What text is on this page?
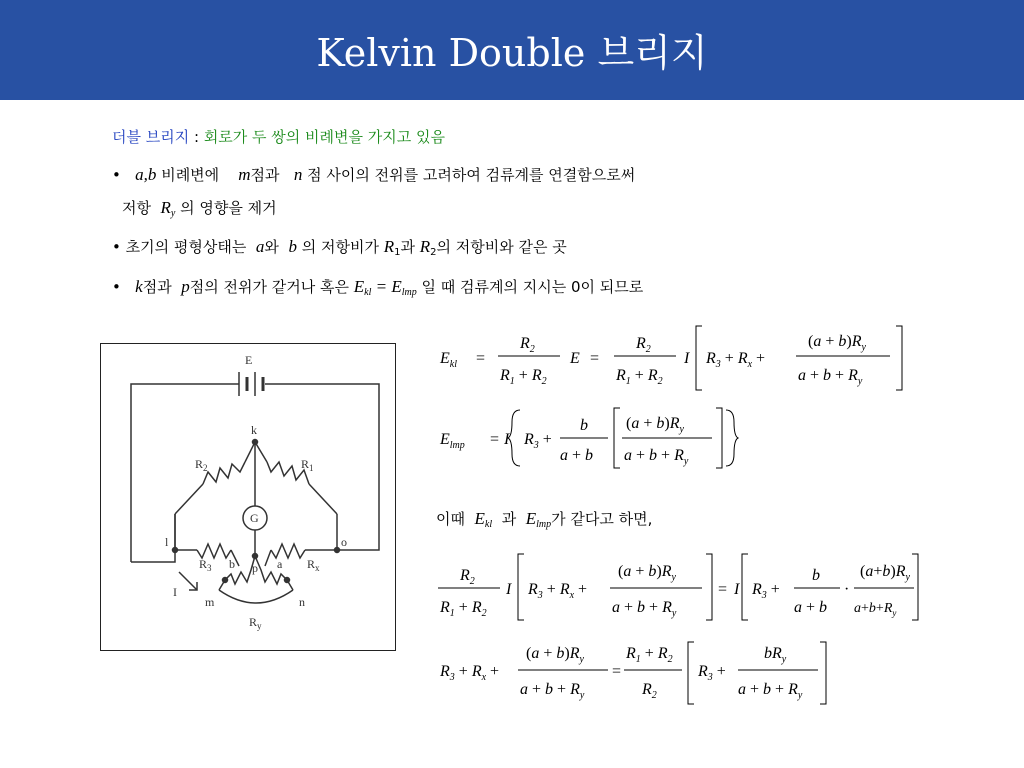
Kelvin Double 브리지
더블 브리지 : 회로가 두 쌍의 비례변을 가지고 있음
• a,b 비례변에 m점과 n 점 사이의 전위를 고려하여 검류계를 연결함으로써
저항 $R_y$ 의 영향을 제거
• 초기의 평형상태는 a와 b 의 저항비가 $R_1$과 $R_2$의 저항비와 같은 곳
• k점과 p점의 전위가 같거나 혹은 $E_{kl} = E_{lmp}$ 일 때 검류계의 지시는 0이 되므로
E
k
$R_2$	$R_1$
G
l	o
$R_3$ b p a $R_x$
I
m	n
$R_y$
$E_{kl}$ =
$R_2$
$R_1 + R_2$
E =
$R_2$
$R_1 + R_2$
I $R_3 + R_x$ +
$(a + b)R_y$
$a + b + R_y$
$E_{lmp} = I$ $R_3$ +
b
a + b
$(a + b)R_y$
$a + b + R_y$
$R_2$
$R_1 + R_2$
I $R_3 + R_x$ +
$(a + b)R_y$
$a + b + R_y$
= I $R_3$ +
b
a + b
·
$(a+b)R_y$
$a+b+R_y$
$R_3 + R_x$ +
$(a + b)R_y$
$a + b + R_y$
=
$R_1 + R_2$
$R_2$
$R_3$ +
$bR_y$
$a + b + R_y$
이때 $E_{kl}$ 과 $E_{lmp}$가 같다고 하면,
